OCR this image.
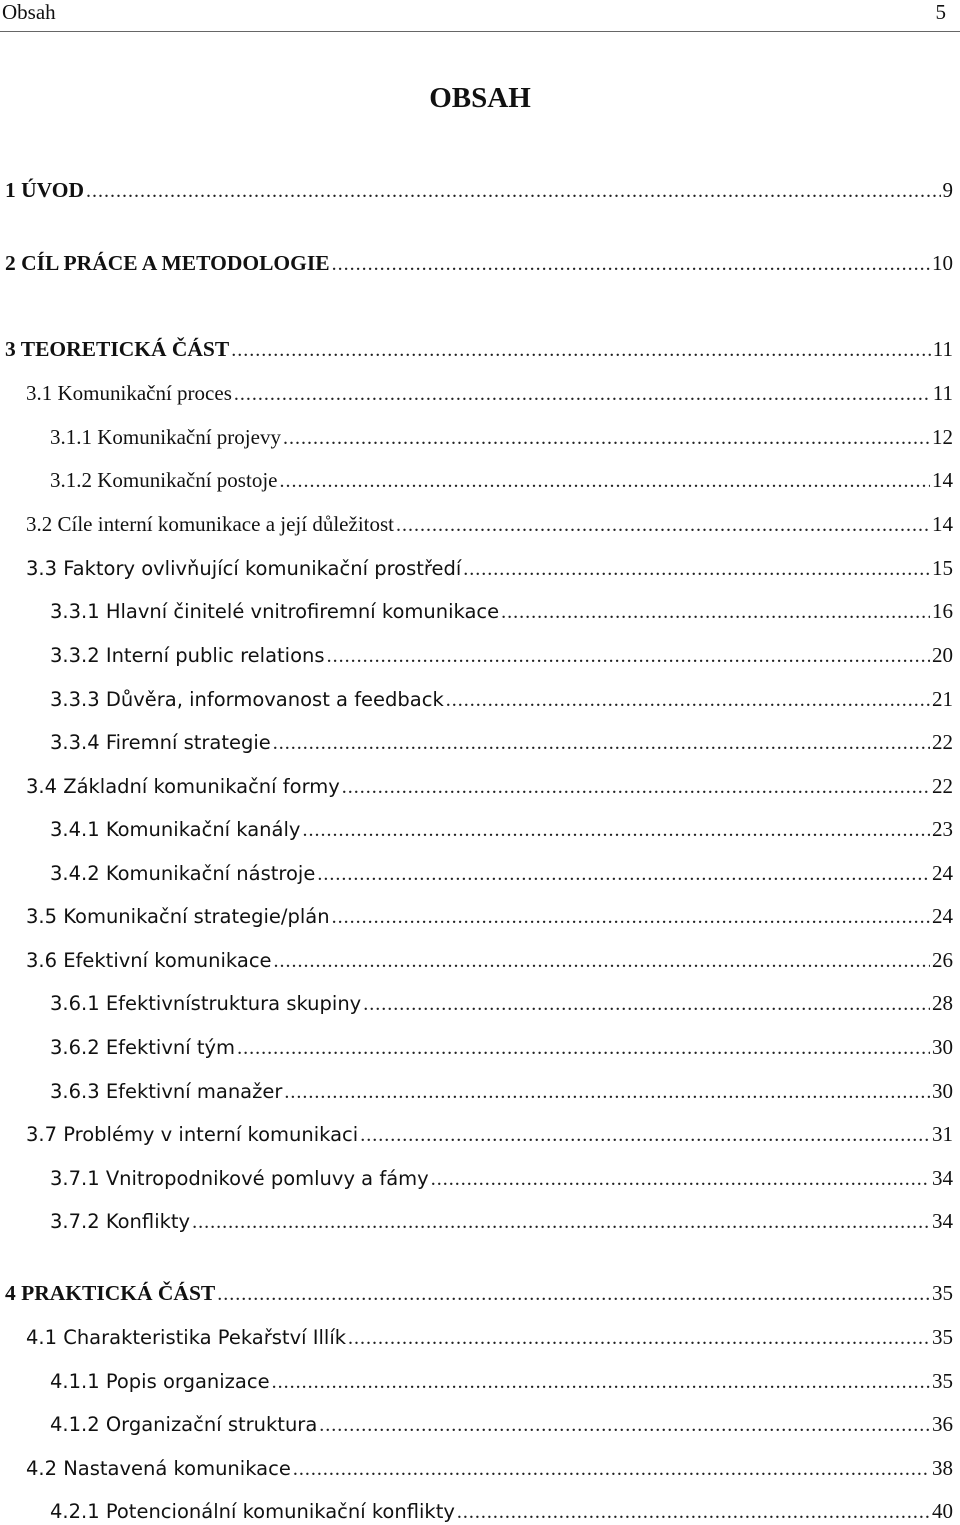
Obsah	5
OBSAH
1 ÚVOD .....	9
2 CÍL PRÁCE A METODOLOGIE .....	10
3 TEORETICKÁ ČÁST .....	11
3.1 Komunikační proces .....	11
3.1.1 Komunikační projevy .....	12
3.1.2 Komunikační postoje .....	14
3.2 Cíle interní komunikace a její důležitost .....	14
3.3 Faktory ovlivňující komunikační prostředí .....	15
3.3.1 Hlavní činitelé vnitrofiremní komunikace .....	16
3.3.2 Interní public relations .....	20
3.3.3 Důvěra, informovanost a feedback .....	21
3.3.4 Firemní strategie .....	22
3.4 Základní komunikační formy .....	22
3.4.1 Komunikační kanály .....	23
3.4.2 Komunikační nástroje .....	24
3.5 Komunikační strategie/plán .....	24
3.6 Efektivní komunikace .....	26
3.6.1 Efektivnístruktura skupiny .....	28
3.6.2 Efektivní tým .....	30
3.6.3 Efektivní manažer .....	30
3.7 Problémy v interní komunikaci .....	31
3.7.1 Vnitropodnikové pomluvy a fámy .....	34
3.7.2 Konflikty .....	34
4 PRAKTICKÁ ČÁST .....	35
4.1 Charakteristika Pekařství Illík .....	35
4.1.1 Popis organizace .....	35
4.1.2 Organizační struktura .....	36
4.2 Nastavená komunikace .....	38
4.2.1 Potencionální komunikační konflikty .....	40
